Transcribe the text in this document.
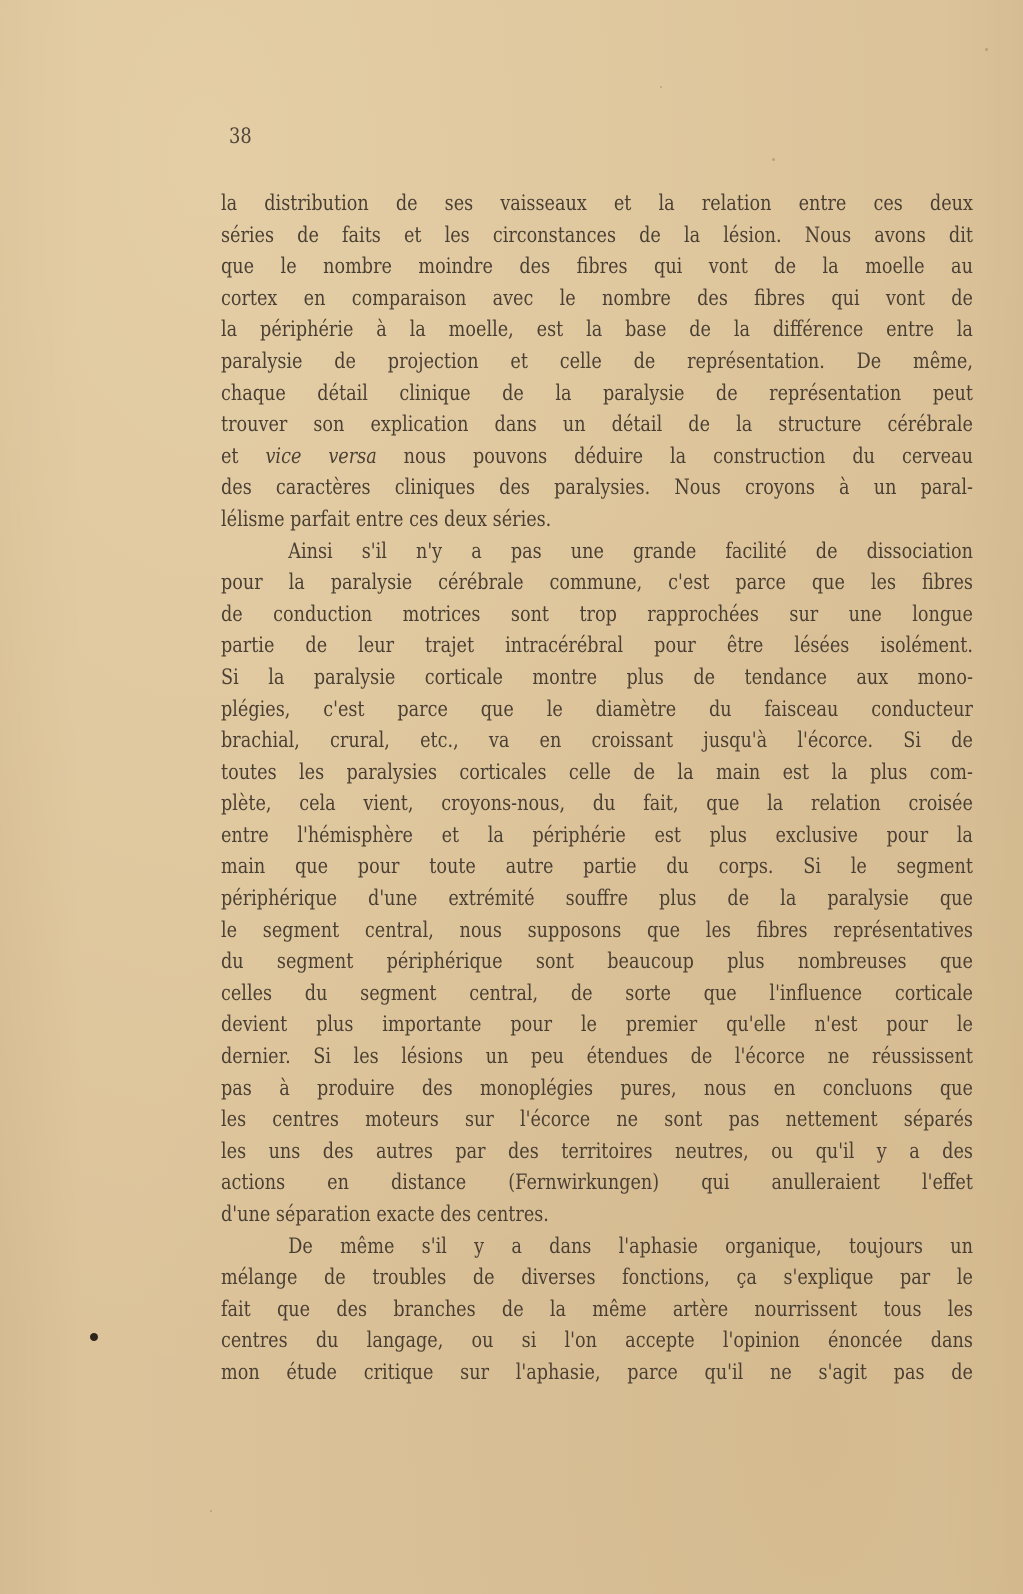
38
la distribution de ses vaisseaux et la relation entre ces deux
séries de faits et les circonstances de la lésion. Nous avons dit
que le nombre moindre des fibres qui vont de la moelle au
cortex en comparaison avec le nombre des fibres qui vont de
la périphérie à la moelle, est la base de la différence entre la
paralysie de projection et celle de représentation. De même,
chaque détail clinique de la paralysie de représentation peut
trouver son explication dans un détail de la structure cérébrale
et vice versa nous pouvons déduire la construction du cerveau
des caractères cliniques des paralysies. Nous croyons à un paral-
lélisme parfait entre ces deux séries.
Ainsi s'il n'y a pas une grande facilité de dissociation
pour la paralysie cérébrale commune, c'est parce que les fibres
de conduction motrices sont trop rapprochées sur une longue
partie de leur trajet intracérébral pour être lésées isolément.
Si la paralysie corticale montre plus de tendance aux mono-
plégies, c'est parce que le diamètre du faisceau conducteur
brachial, crural, etc., va en croissant jusqu'à l'écorce. Si de
toutes les paralysies corticales celle de la main est la plus com-
plète, cela vient, croyons-nous, du fait, que la relation croisée
entre l'hémisphère et la périphérie est plus exclusive pour la
main que pour toute autre partie du corps. Si le segment
périphérique d'une extrémité souffre plus de la paralysie que
le segment central, nous supposons que les fibres représentatives
du segment périphérique sont beaucoup plus nombreuses que
celles du segment central, de sorte que l'influence corticale
devient plus importante pour le premier qu'elle n'est pour le
dernier. Si les lésions un peu étendues de l'écorce ne réussissent
pas à produire des monoplégies pures, nous en concluons que
les centres moteurs sur l'écorce ne sont pas nettement séparés
les uns des autres par des territoires neutres, ou qu'il y a des
actions en distance (Fernwirkungen) qui anulleraient l'effet
d'une séparation exacte des centres.
De même s'il y a dans l'aphasie organique, toujours un
mélange de troubles de diverses fonctions, ça s'explique par le
fait que des branches de la même artère nourrissent tous les
centres du langage, ou si l'on accepte l'opinion énoncée dans
mon étude critique sur l'aphasie, parce qu'il ne s'agit pas de
